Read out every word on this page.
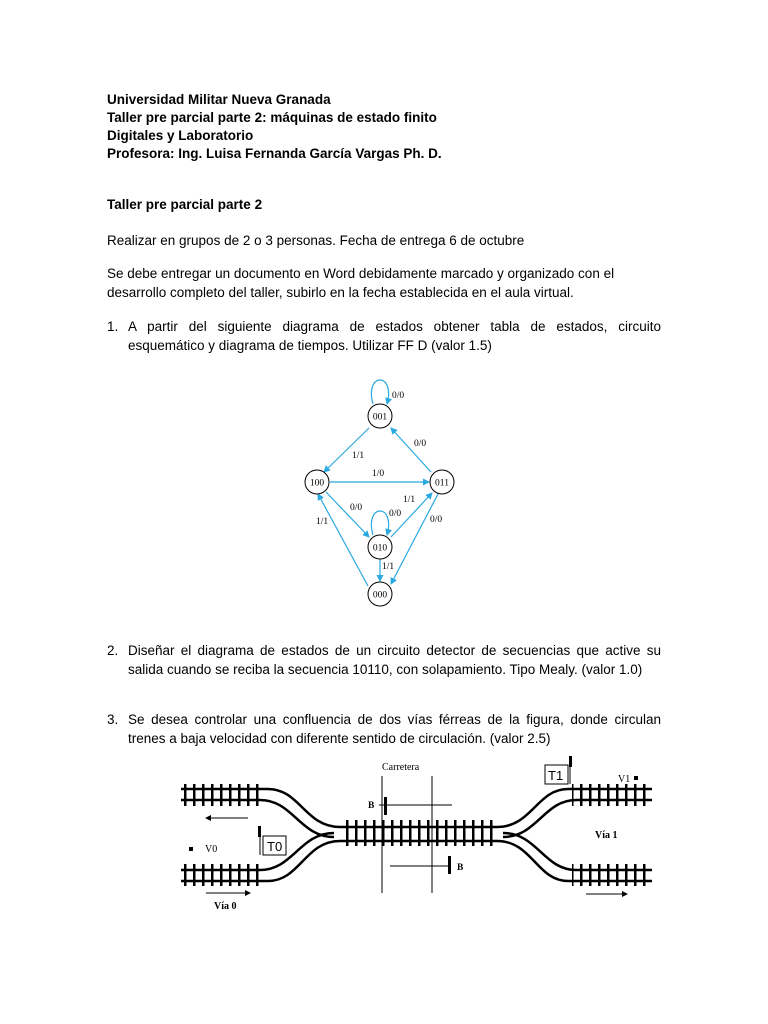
Universidad Militar Nueva Granada
Taller pre parcial parte 2: máquinas de estado finito
Digitales y Laboratorio
Profesora: Ing. Luisa Fernanda García Vargas Ph. D.
Taller pre parcial parte 2
Realizar en grupos de 2 o 3 personas. Fecha de entrega 6 de octubre
Se debe entregar un documento en Word debidamente marcado y organizado con el desarrollo completo del taller, subirlo en la fecha establecida en el aula virtual.
1. A partir del siguiente diagrama de estados obtener tabla de estados, circuito esquemático y diagrama de tiempos. Utilizar FF D (valor 1.5)
001
100	011
010
000
0/0
0/0
1/1
1/0
0/0
0/0
1/1
0/0
1/1
1/1
2. Diseñar el diagrama de estados de un circuito detector de secuencias que active su salida cuando se reciba la secuencia 10110, con solapamiento. Tipo Mealy. (valor 1.0)
3. Se desea controlar una confluencia de dos vías férreas de la figura, donde circulan trenes a baja velocidad con diferente sentido de circulación. (valor 2.5)
Carretera
B
B
T0
T1
V0
V1
Vía 0
Vía 1
